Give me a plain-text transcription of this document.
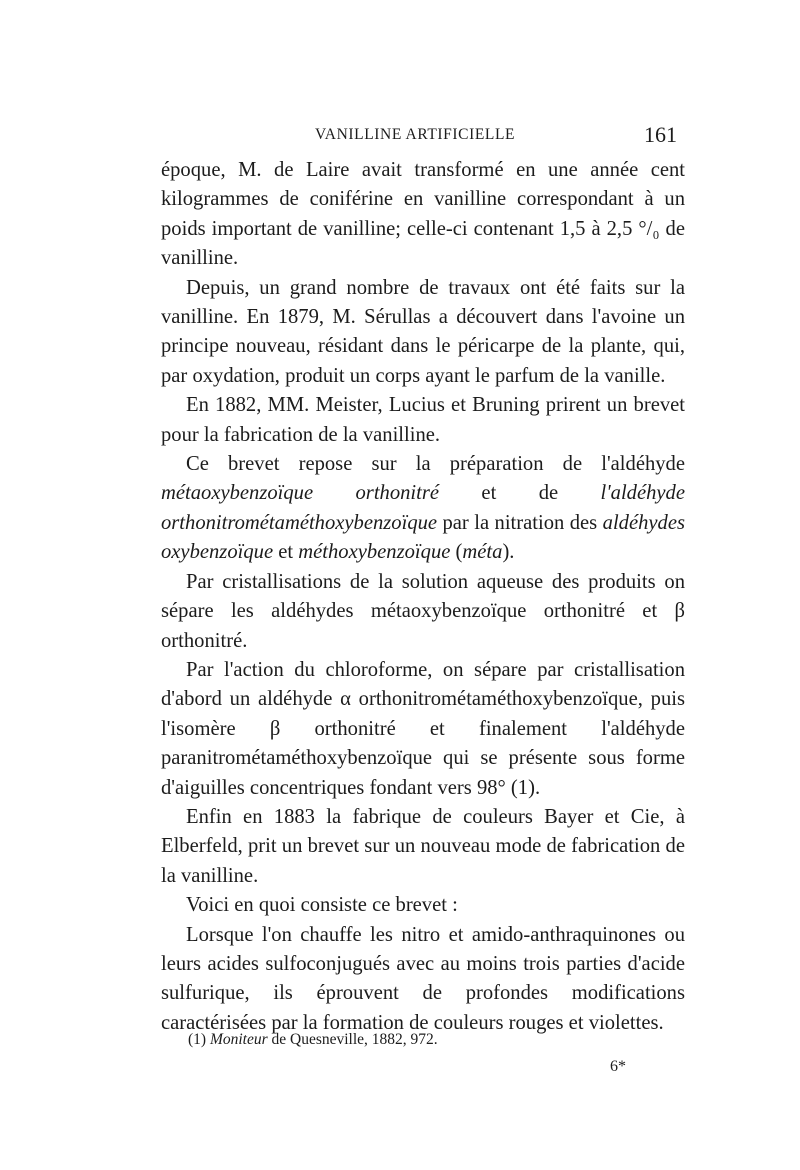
VANILLINE ARTIFICIELLE	161

époque, M. de Laire avait transformé en une année cent kilogrammes de coniférine en vanilline correspondant à un poids important de vanilline; celle-ci contenant 1,5 à 2,5 °/₀ de vanilline.

Depuis, un grand nombre de travaux ont été faits sur la vanilline. En 1879, M. Sérullas a découvert dans l'avoine un principe nouveau, résidant dans le péricarpe de la plante, qui, par oxydation, produit un corps ayant le parfum de la vanille.

En 1882, MM. Meister, Lucius et Bruning prirent un brevet pour la fabrication de la vanilline.

Ce brevet repose sur la préparation de l'aldéhyde métaoxybenzoïque orthonitré et de l'aldéhyde orthonitrométaméthoxybenzoïque par la nitration des aldéhydes oxybenzoïque et méthoxybenzoïque (méta).

Par cristallisations de la solution aqueuse des produits on sépare les aldéhydes métaoxybenzoïque orthonitré et β orthonitré.

Par l'action du chloroforme, on sépare par cristallisation d'abord un aldéhyde α orthonitrométaméthoxybenzoïque, puis l'isomère β orthonitré et finalement l'aldéhyde paranitrométaméthoxybenzoïque qui se présente sous forme d'aiguilles concentriques fondant vers 98° (1).

Enfin en 1883 la fabrique de couleurs Bayer et Cie, à Elberfeld, prit un brevet sur un nouveau mode de fabrication de la vanilline.

Voici en quoi consiste ce brevet :

Lorsque l'on chauffe les nitro et amido-anthraquinones ou leurs acides sulfoconjugués avec au moins trois parties d'acide sulfurique, ils éprouvent de profondes modifications caractérisées par la formation de couleurs rouges et violettes.

(1) Moniteur de Quesneville, 1882, 972.
6*
